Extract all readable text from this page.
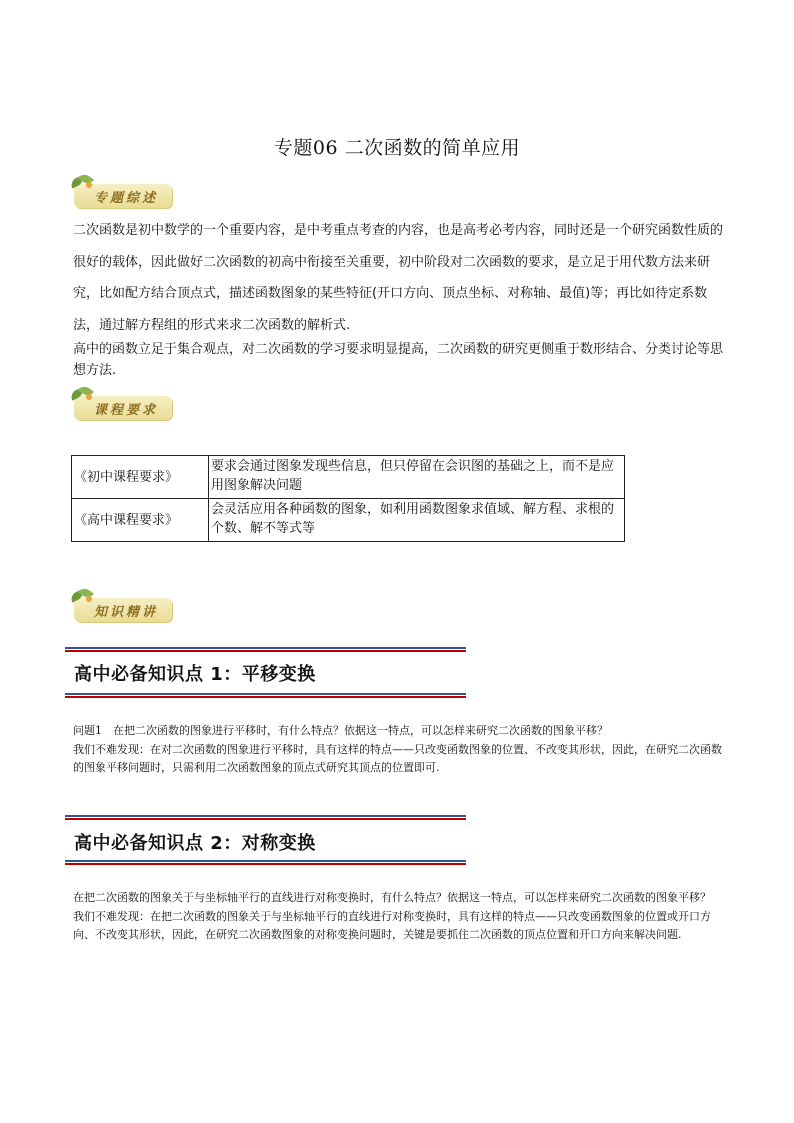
专题06 二次函数的简单应用
专题综述

二次函数是初中数学的一个重要内容，是中考重点考查的内容，也是高考必考内容，同时还是一个研究函数性质的很好的载体，因此做好二次函数的初高中衔接至关重要，初中阶段对二次函数的要求，是立足于用代数方法来研究，比如配方结合顶点式，描述函数图象的某些特征(开口方向、顶点坐标、对称轴、最值)等；再比如待定系数法，通过解方程组的形式来求二次函数的解析式.

高中的函数立足于集合观点，对二次函数的学习要求明显提高，二次函数的研究更侧重于数形结合、分类讨论等思想方法.

课程要求
《初中课程要求》	要求会通过图象发现些信息，但只停留在会识图的基础之上，而不是应用图象解决问题
《高中课程要求》	会灵活应用各种函数的图象，如利用函数图象求值域、解方程、求根的个数、解不等式等
知识精讲
高中必备知识点 1：平移变换

问题1　在把二次函数的图象进行平移时，有什么特点？依据这一特点，可以怎样来研究二次函数的图象平移？
我们不难发现：在对二次函数的图象进行平移时，具有这样的特点——只改变函数图象的位置、不改变其形状，因此，在研究二次函数的图象平移问题时，只需利用二次函数图象的顶点式研究其顶点的位置即可.

高中必备知识点 2：对称变换

在把二次函数的图象关于与坐标轴平行的直线进行对称变换时，有什么特点？依据这一特点，可以怎样来研究二次函数的图象平移？
我们不难发现：在把二次函数的图象关于与坐标轴平行的直线进行对称变换时，具有这样的特点——只改变函数图象的位置或开口方向、不改变其形状，因此，在研究二次函数图象的对称变换问题时，关键是要抓住二次函数的顶点位置和开口方向来解决问题.
